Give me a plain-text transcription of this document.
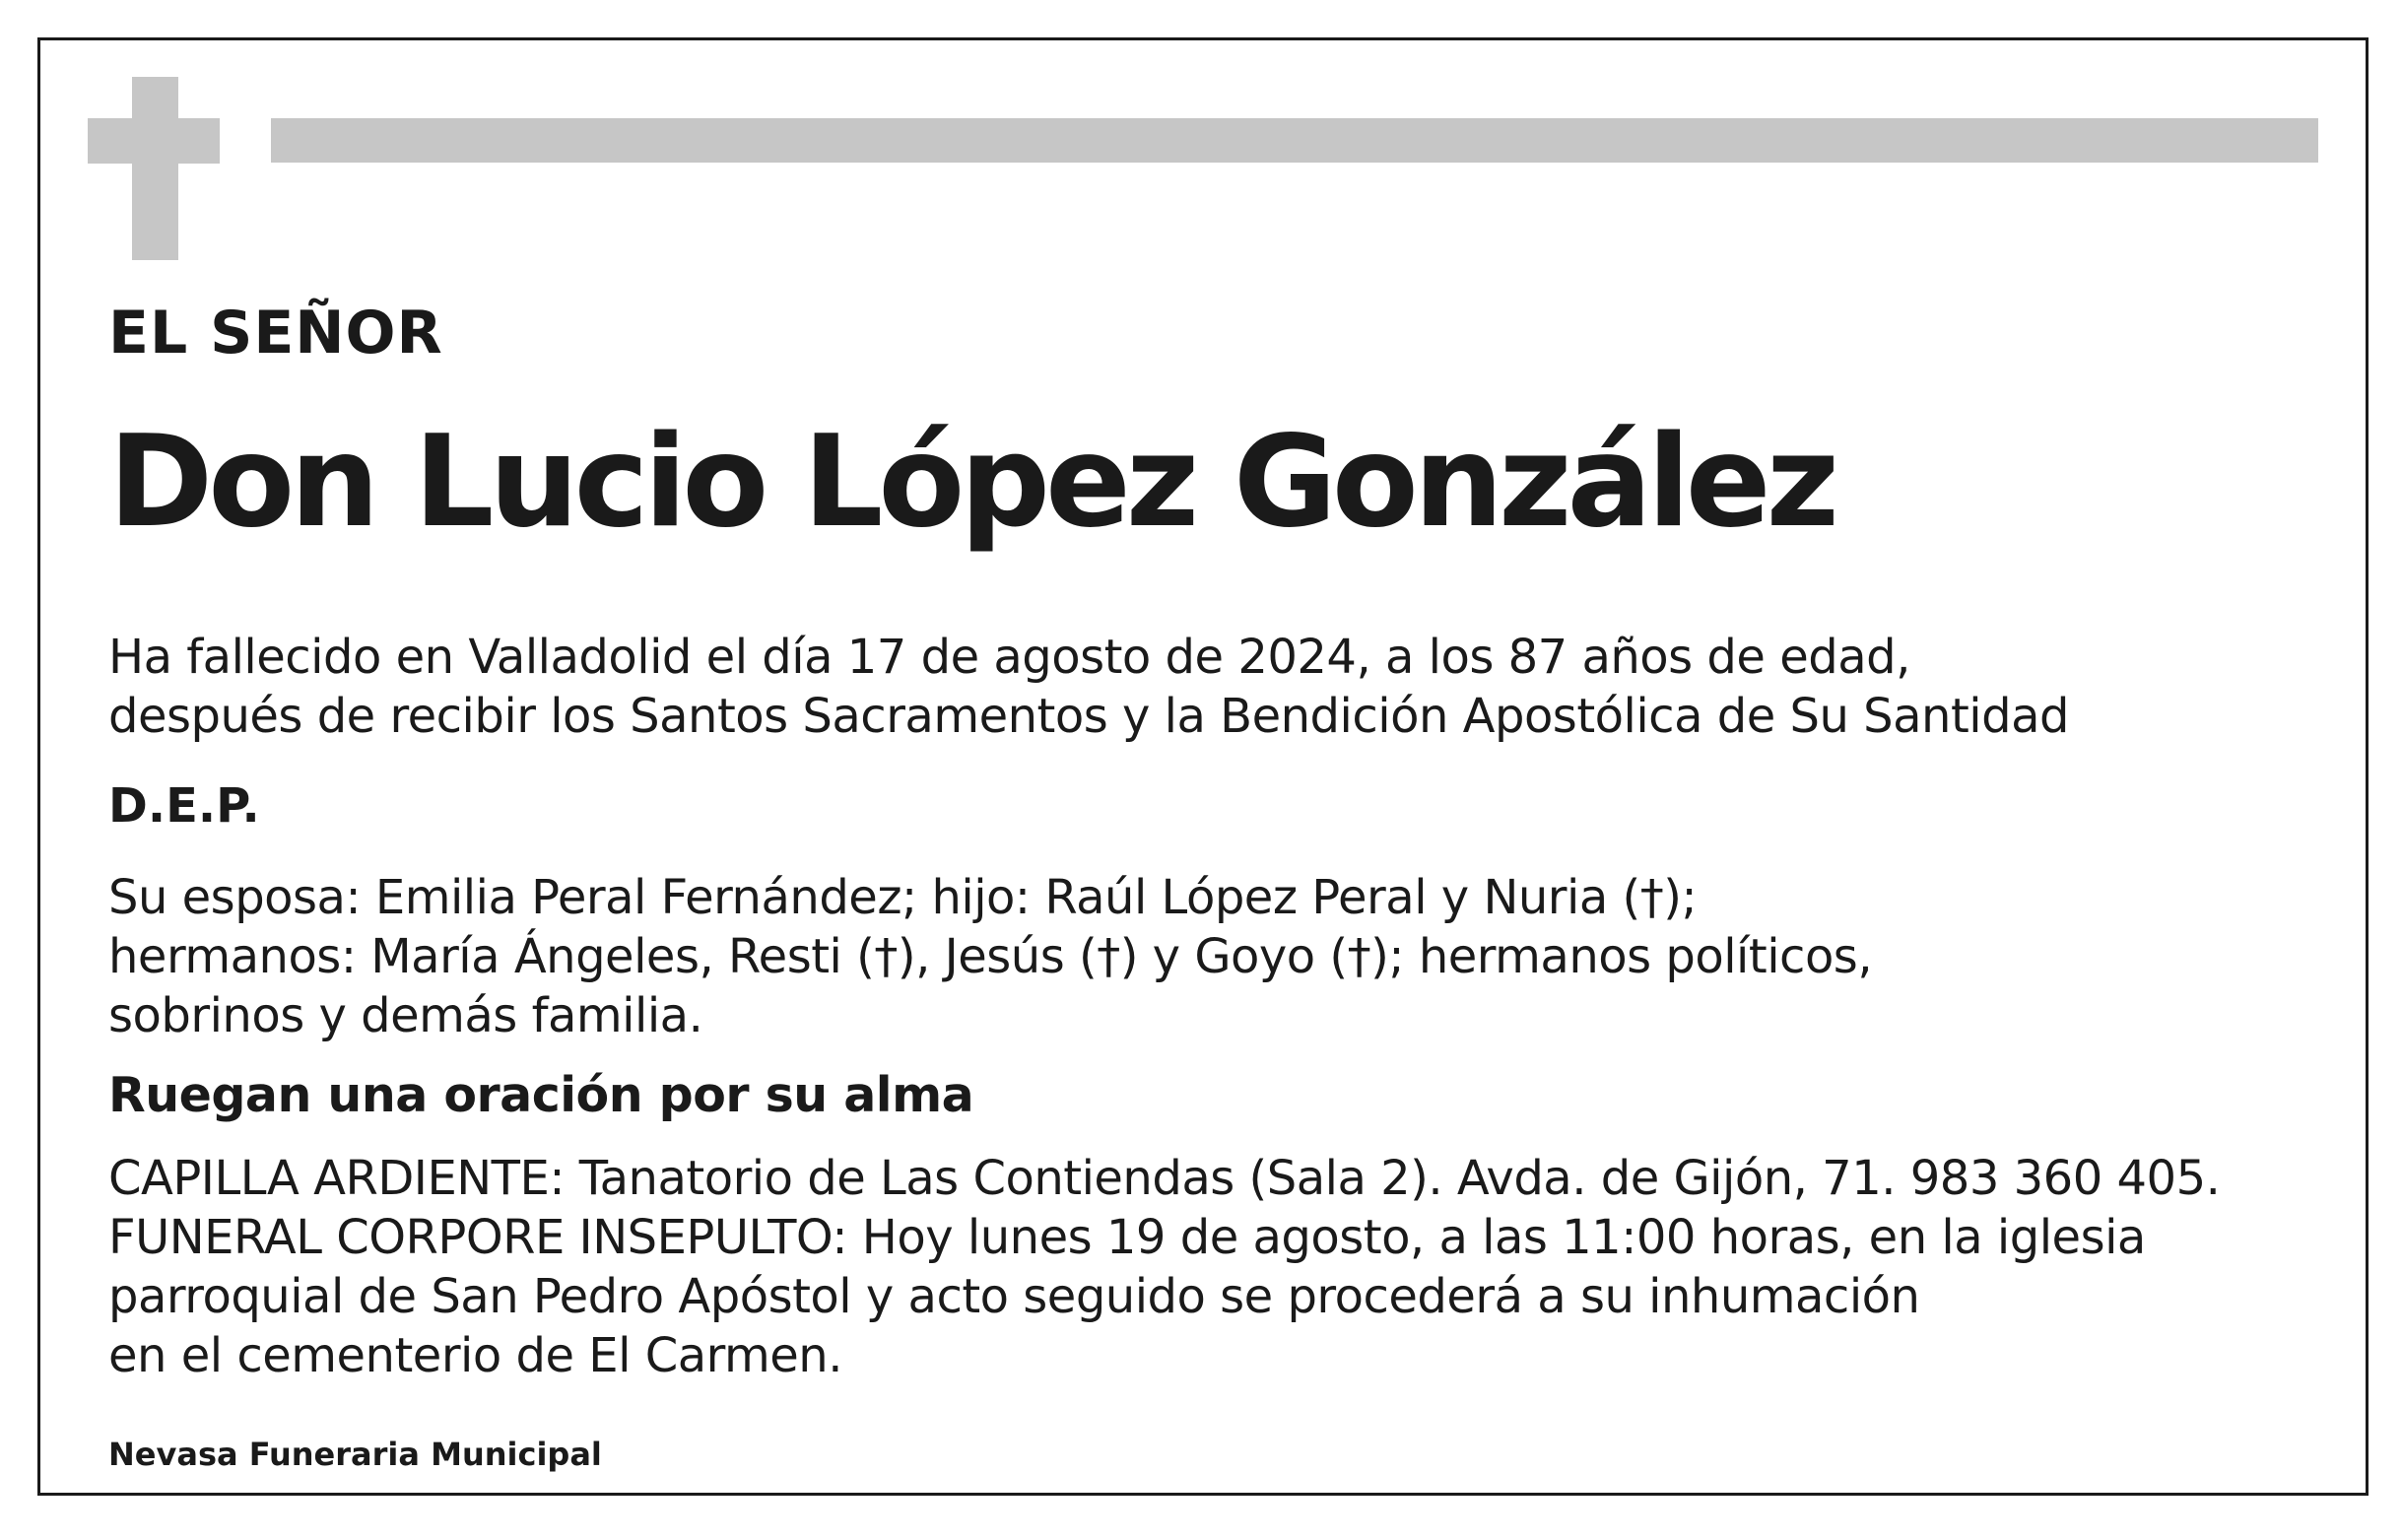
EL SEÑOR
Don Lucio López González
Ha fallecido en Valladolid el día 17 de agosto de 2024, a los 87 años de edad,
después de recibir los Santos Sacramentos y la Bendición Apostólica de Su Santidad
D.E.P.
Su esposa: Emilia Peral Fernández; hijo: Raúl López Peral y Nuria (†);
hermanos: María Ángeles, Resti (†), Jesús (†) y Goyo (†); hermanos políticos,
sobrinos y demás familia.
Ruegan una oración por su alma
CAPILLA ARDIENTE: Tanatorio de Las Contiendas (Sala 2). Avda. de Gijón, 71. 983 360 405.
FUNERAL CORPORE INSEPULTO: Hoy lunes 19 de agosto, a las 11:00 horas, en la iglesia
parroquial de San Pedro Apóstol y acto seguido se procederá a su inhumación
en el cementerio de El Carmen.
Nevasa Funeraria Municipal
